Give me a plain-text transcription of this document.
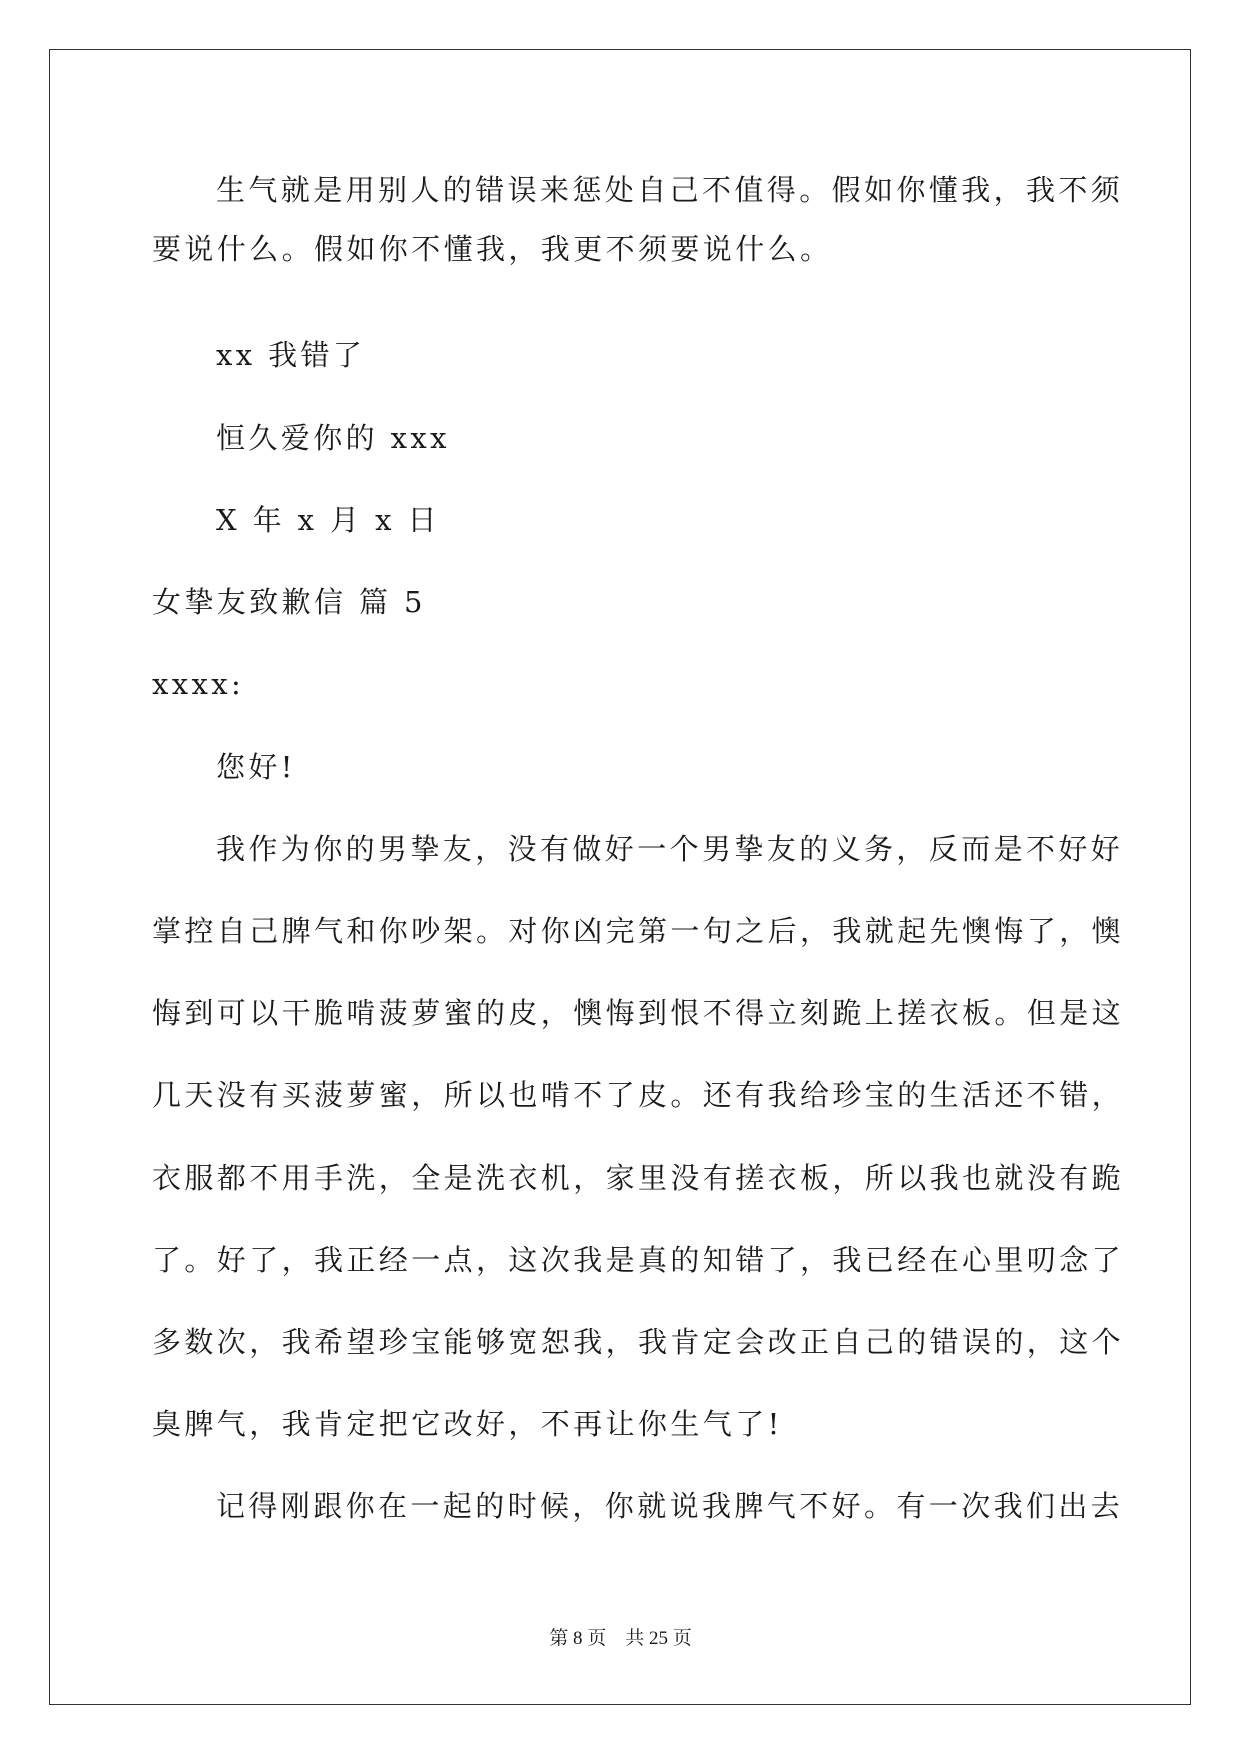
生气就是用别人的错误来惩处自己不值得。假如你懂我，我不须
要说什么。假如你不懂我，我更不须要说什么。
xx 我错了
恒久爱你的 xxx
X 年 x 月 x 日
女挚友致歉信 篇 5
xxxx:
您好!
我作为你的男挚友，没有做好一个男挚友的义务，反而是不好好
掌控自己脾气和你吵架。对你凶完第一句之后，我就起先懊悔了，懊
悔到可以干脆啃菠萝蜜的皮，懊悔到恨不得立刻跪上搓衣板。但是这
几天没有买菠萝蜜，所以也啃不了皮。还有我给珍宝的生活还不错，
衣服都不用手洗，全是洗衣机，家里没有搓衣板，所以我也就没有跪
了。好了，我正经一点，这次我是真的知错了，我已经在心里叨念了
多数次，我希望珍宝能够宽恕我，我肯定会改正自己的错误的，这个
臭脾气，我肯定把它改好，不再让你生气了!
记得刚跟你在一起的时候，你就说我脾气不好。有一次我们出去
第 8 页    共 25 页
